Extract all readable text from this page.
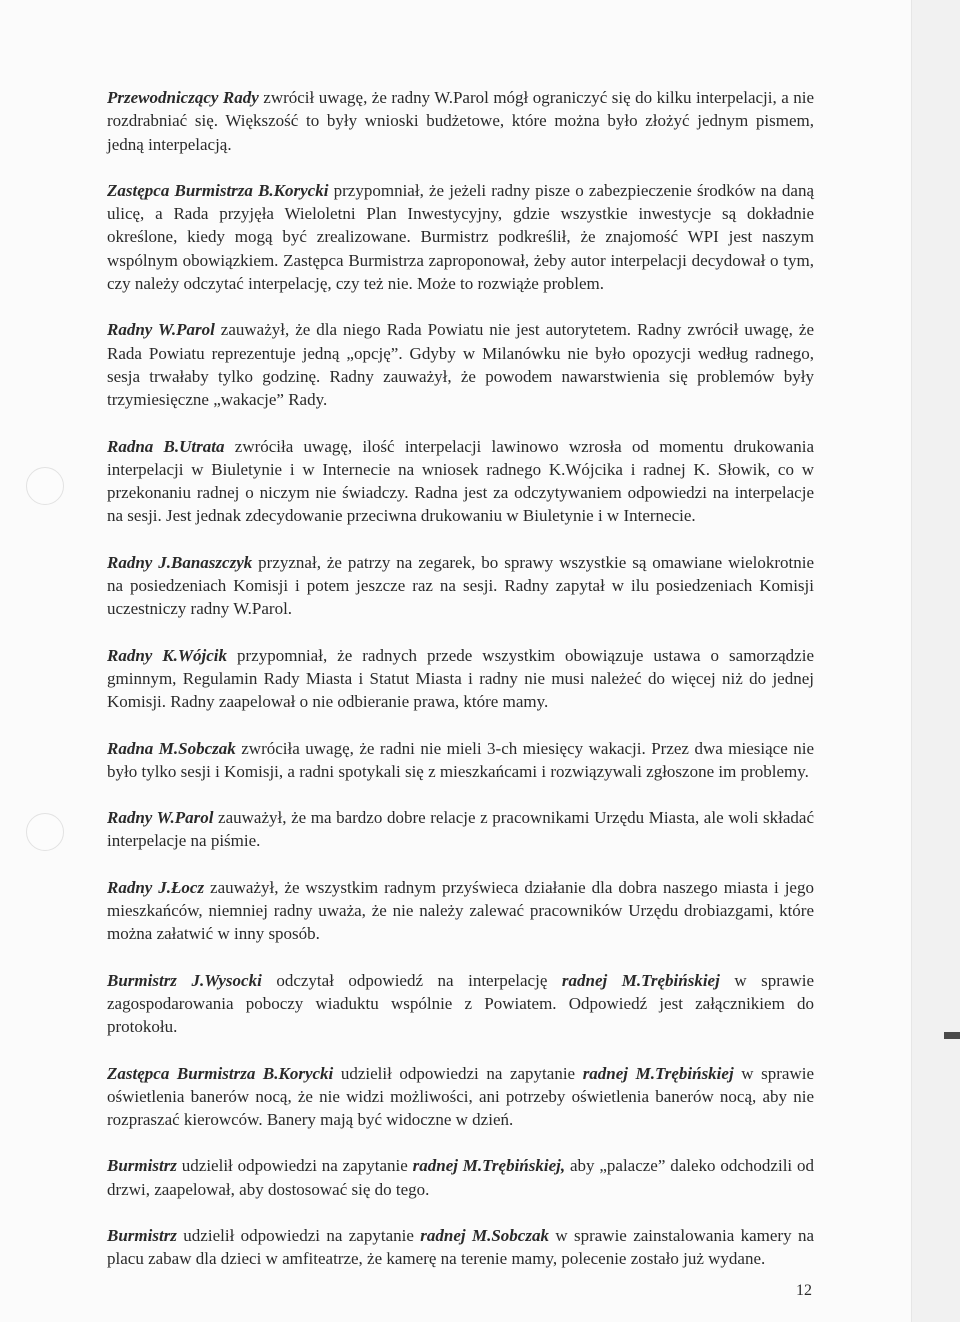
Przewodniczący Rady zwrócił uwagę, że radny W.Parol mógł ograniczyć się do kilku interpelacji, a nie rozdrabniać się. Większość to były wnioski budżetowe, które można było złożyć jednym pismem, jedną interpelacją.

Zastępca Burmistrza B.Korycki przypomniał, że jeżeli radny pisze o zabezpieczenie środków na daną ulicę, a Rada przyjęła Wieloletni Plan Inwestycyjny, gdzie wszystkie inwestycje są dokładnie określone, kiedy mogą być zrealizowane. Burmistrz podkreślił, że znajomość WPI jest naszym wspólnym obowiązkiem. Zastępca Burmistrza zaproponował, żeby autor interpelacji decydował o tym, czy należy odczytać interpelację, czy też nie. Może to rozwiąże problem.

Radny W.Parol zauważył, że dla niego Rada Powiatu nie jest autorytetem. Radny zwrócił uwagę, że Rada Powiatu reprezentuje jedną „opcję”. Gdyby w Milanówku nie było opozycji według radnego, sesja trwałaby tylko godzinę. Radny zauważył, że powodem nawarstwienia się problemów były trzymiesięczne „wakacje” Rady.

Radna B.Utrata zwróciła uwagę, ilość interpelacji lawinowo wzrosła od momentu drukowania interpelacji w Biuletynie i w Internecie na wniosek radnego K.Wójcika i radnej K. Słowik, co w przekonaniu radnej o niczym nie świadczy. Radna jest za odczytywaniem odpowiedzi na interpelacje na sesji. Jest jednak zdecydowanie przeciwna drukowaniu w Biuletynie i w Internecie.

Radny J.Banaszczyk przyznał, że patrzy na zegarek, bo sprawy wszystkie są omawiane wielokrotnie na posiedzeniach Komisji i potem jeszcze raz na sesji. Radny zapytał w ilu posiedzeniach Komisji uczestniczy radny W.Parol.

Radny K.Wójcik przypomniał, że radnych przede wszystkim obowiązuje ustawa o samorządzie gminnym, Regulamin Rady Miasta i Statut Miasta i radny nie musi należeć do więcej niż do jednej Komisji. Radny zaapelował o nie odbieranie prawa, które mamy.

Radna M.Sobczak zwróciła uwagę, że radni nie mieli 3-ch miesięcy wakacji. Przez dwa miesiące nie było tylko sesji i Komisji, a radni spotykali się z mieszkańcami i rozwiązywali zgłoszone im problemy.

Radny W.Parol zauważył, że ma bardzo dobre relacje z pracownikami Urzędu Miasta, ale woli składać interpelacje na piśmie.

Radny J.Łocz zauważył, że wszystkim radnym przyświeca działanie dla dobra naszego miasta i jego mieszkańców, niemniej radny uważa, że nie należy zalewać pracowników Urzędu drobiazgami, które można załatwić w inny sposób.

Burmistrz J.Wysocki odczytał odpowiedź na interpelację radnej M.Trębińskiej w sprawie zagospodarowania poboczy wiaduktu wspólnie z Powiatem. Odpowiedź jest załącznikiem do protokołu.

Zastępca Burmistrza B.Korycki udzielił odpowiedzi na zapytanie radnej M.Trębińskiej w sprawie oświetlenia banerów nocą, że nie widzi możliwości, ani potrzeby oświetlenia banerów nocą, aby nie rozpraszać kierowców. Banery mają być widoczne w dzień.

Burmistrz udzielił odpowiedzi na zapytanie radnej M.Trębińskiej, aby „palacze” daleko odchodzili od drzwi, zaapelował, aby dostosować się do tego.

Burmistrz udzielił odpowiedzi na zapytanie radnej M.Sobczak w sprawie zainstalowania kamery na placu zabaw dla dzieci w amfiteatrze, że kamerę na terenie mamy, polecenie zostało już wydane.

12
